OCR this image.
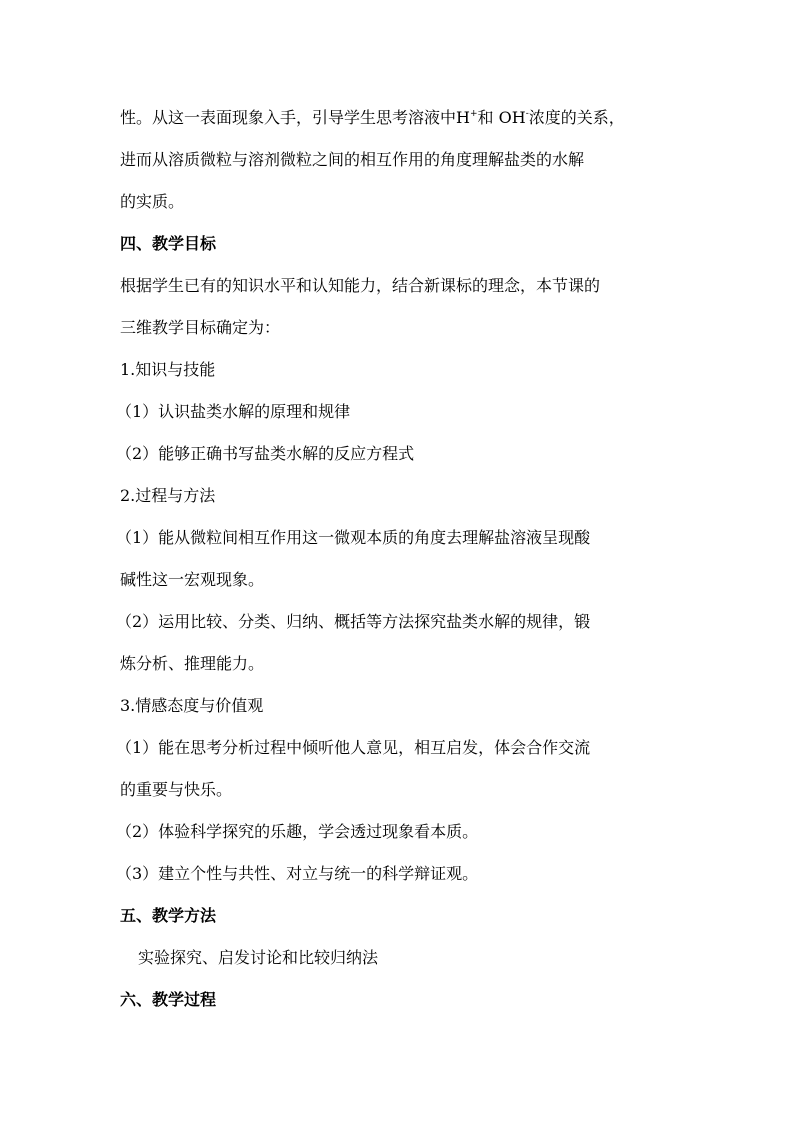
性。从这一表面现象入手，引导学生思考溶液中H+和 OH-浓度的关系，
进而从溶质微粒与溶剂微粒之间的相互作用的角度理解盐类的水解
的实质。
四、教学目标
根据学生已有的知识水平和认知能力，结合新课标的理念，本节课的
三维教学目标确定为：
1.知识与技能
（1）认识盐类水解的原理和规律
（2）能够正确书写盐类水解的反应方程式
2.过程与方法
（1）能从微粒间相互作用这一微观本质的角度去理解盐溶液呈现酸
碱性这一宏观现象。
（2）运用比较、分类、归纳、概括等方法探究盐类水解的规律，锻
炼分析、推理能力。
3.情感态度与价值观
（1）能在思考分析过程中倾听他人意见，相互启发，体会合作交流
的重要与快乐。
（2）体验科学探究的乐趣，学会透过现象看本质。
（3）建立个性与共性、对立与统一的科学辩证观。
五、教学方法
实验探究、启发讨论和比较归纳法
六、教学过程
